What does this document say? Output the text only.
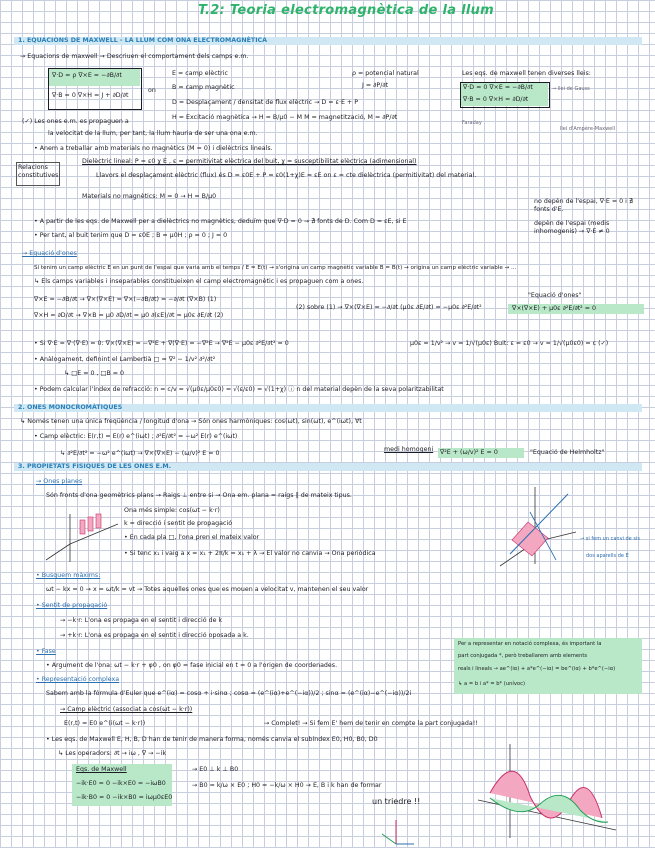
T.2: Teoria electromagnètica de la llum
1. EQUACIONS DE MAXWELL - LA LLUM COM ONA ELECTROMAGNÈTICA
→ Equacions de maxwell → Descriuen el comportament dels camps e.m.
∇·D = ρ ∇×E = −∂B/∂t
∇·B = 0 ∇×H = J + ∂D/∂t
on
E = camp elèctric
B = camp magnètic
D = Desplaçament / densitat de flux elèctric → D = ε·E + P
H = Excitació magnètica → H = B/μ0 − M M = magnetització, M = ∂P/∂t
ρ = potencial natural
J = ∂P/∂t
Les eqs. de maxwell tenen diverses lleis:
∇·D = 0 ∇×E = −∂B/∂t
∇·B = 0 ∇×H = ∂D/∂t
→ llei de Gauss
Faraday
llei d'Ampère-Maxwell
(✓) Les ones e.m. es propaguen a
la velocitat de la llum, per tant, la llum hauria de ser una ona e.m.
• Anem a treballar amb materials no magnètics (M = 0) i dielèctrics lineals.
Relacions constitutives
Dielèctric lineal: P = ε0 χ E , ε = permitivitat elèctrica del buit, χ = susceptibilitat elèctrica (adimensional)
Llavors el desplaçament elèctric (flux) és D = ε0E + P = ε0(1+χ)E = εE on ε = cte dielèctrica (permitivitat) del material.
Materials no magnètics: M = 0 → H = B/μ0
• A partir de les eqs. de Maxwell per a dielèctrics no magnètics, deduïm que ∇·D = 0 → ∄ fonts de D. Com D = εE, si E
• Per tant, al buit tenim que D = ε0E ; B = μ0H ; ρ = 0 ; J = 0
no depèn de l'espai, ∇·E = 0 i ∄ fonts d'E.
depèn de l'espai (medis inhomogenis) → ∇·E ≠ 0
→ Equació d'ones
Si tenim un camp elèctric E en un punt de l'espai que varia amb el temps / E = E(t) → s'origina un camp magnètic variable B = B(t) → origina un camp elèctric variable → ...
↳ Els camps variables i inseparables constitueixen el camp electromagnètic i es propaguen com a ones.
∇×E = −∂B/∂t → ∇×(∇×E) = ∇×(−∂B/∂t) = −∂/∂t (∇×B) (1)
∇×H = ∂D/∂t → ∇×B = μ0 ∂D/∂t = μ0 ∂(εE)/∂t = μ0ε ∂E/∂t (2)
(2) sobre (1) → ∇×(∇×E) = −∂/∂t (μ0ε ∂E/∂t) = −μ0ε ∂²E/∂t²	∇×(∇×E) + μ0ε ∂²E/∂t² = 0
"Equació d'ones"
• Si ∇·E = ∇·(∇·E) = 0: ∇×(∇×E) = −∇²E + ∇(∇·E) = −∇²E → ∇²E − μ0ε ∂²E/∂t² = 0	μ0ε = 1/v² → v = 1/√(μ0ε) Buit: ε = ε0 → v = 1/√(μ0ε0) = c (✓)
• Anàlogament, definint el Lambertià □ = ∇² − 1/v² ∂²/∂t²
↳ □E = 0 , □B = 0
• Podem calcular l'índex de refracció: n = c/v = √(μ0ε/μ0ε0) = √(ε/ε0) = √(1+χ) ⓘ n del material depèn de la seva polaritzabilitat
2. ONES MONOCROMÀTIQUES
↳ Només tenen una única freqüència / longitud d'ona → Són ones harmòniques: cos(ωt), sin(ωt), e^(iωt), ∀t
• Camp elèctric: E(r,t) = E(r) e^(iωt) ; ∂²E/∂t² = −ω² E(r) e^(iωt)
↳ ∂²E/∂t² = −ω² e^(iωt) → ∇×(∇×E) − (ω/v)² E = 0
medi homogeni ∇²E + (ω/v)² E = 0	"Equació de Helmholtz"
3. PROPIETATS FÍSIQUES DE LES ONES E.M.
→ Ones planes
Són fronts d'ona geomètrics plans → Raigs ⊥ entre si → Ona em. plana = raigs ∥ de mateix tipus.
Ona més simple: cos(ωt − k·r)
k = direcció i sentit de propagació
• En cada pla □, l'ona pren el mateix valor
• Si tenc x₁ i vaig a x = x₁ + 2π/k = x₁ + λ → El valor no canvia → Ona periòdica
→ si fem un canvi de sis
dos aparells de E
• Busquem màxims:
ωt − kx = 0 → x = ωt/k = vt → Totes aquelles ones que es mouen a velocitat v, mantenen el seu valor
• Sentit de propagació
→ −k·r: L'ona es propaga en el sentit i direcció de k
→ +k·r: L'ona es propaga en el sentit i direcció oposada a k.
• Fase
• Argument de l'ona: ωt − k·r + φ0 , on φ0 = fase inicial en t = 0 a l'origen de coordenades.
• Representació complexa
Sabem amb la fórmula d'Euler que e^(iα) = cosα + i·sinα ; cosα = (e^(iα)+e^(−iα))/2 ; sinα = (e^(iα)−e^(−iα))/2i
Per a representar en notació complexa, és important la
part conjugada *, però treballarem amb elements
reals i lineals → ae^(iα) + a*e^(−iα) = be^(iα) + b*e^(−iα)
↳ a = b i a* = b* (unívoc)
→ Camp elèctric (associat a cos(ωt − k·r))
E(r,t) = E0 e^(i(ωt − k·r))	→ Complet! → Si fem E' hem de tenir en compte la part conjugada!!
• Les eqs. de Maxwell E, H, B, D han de tenir de manera forma, només canvia el subíndex E0, H0, B0, D0
↳ Les operadors: ∂t → iω , ∇ → −ik
Eqs. de Maxwell
−ik·E0 = 0 −ik×E0 = −iωB0
−ik·B0 = 0 −ik×B0 = iωμ0εE0
→ E0 ⊥ k ⊥ B0
→ B0 = k/ω × E0 ; H0 = −k/ω × H0 → E, B i k han de formar
un triedre !!
